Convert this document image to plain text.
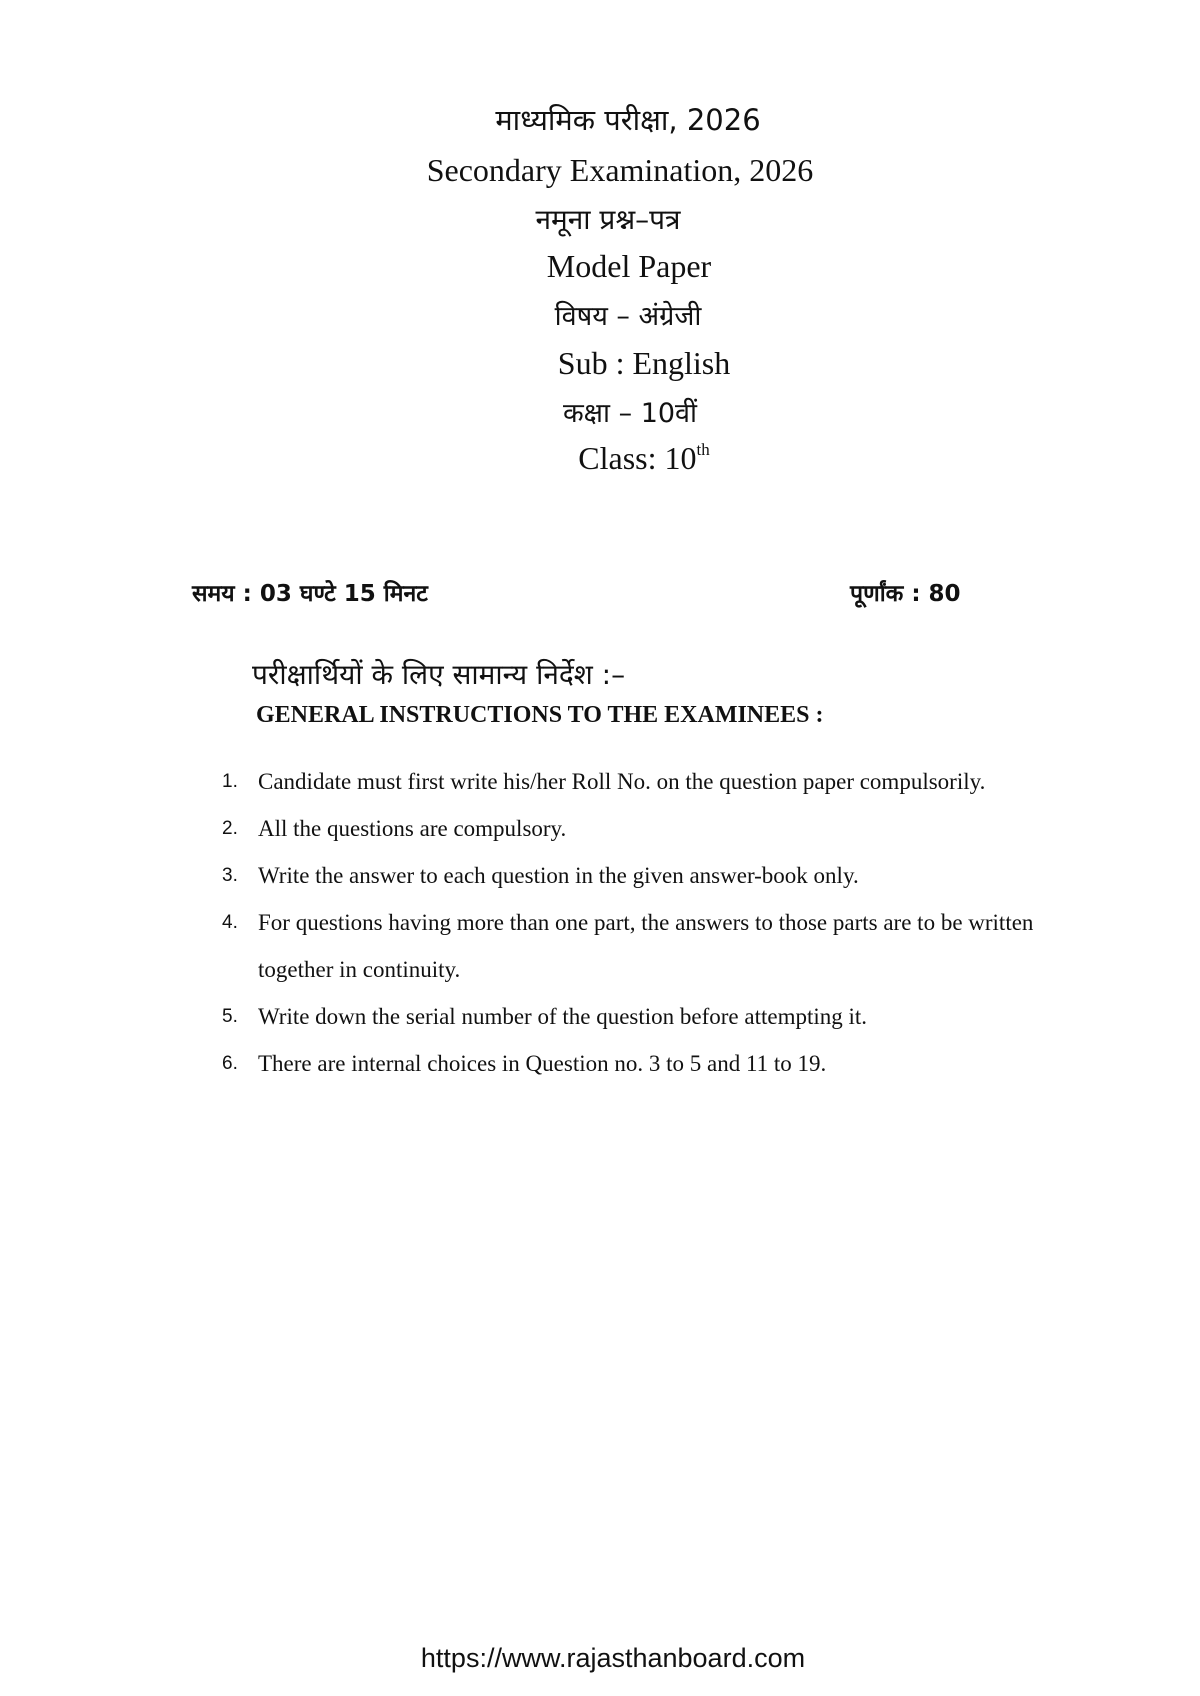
माध्यमिक परीक्षा, 2026
Secondary Examination, 2026
नमूना प्रश्न–पत्र
Model Paper
विषय – अंग्रेजी
Sub : English
कक्षा – 10वीं
Class: 10th
समय : 03 घण्टे 15 मिनट	पूर्णांक : 80
परीक्षार्थियों के लिए सामान्य निर्देश :–
GENERAL INSTRUCTIONS TO THE EXAMINEES :
1. Candidate must first write his/her Roll No. on the question paper compulsorily.
2. All the questions are compulsory.
3. Write the answer to each question in the given answer-book only.
4. For questions having more than one part, the answers to those parts are to be written together in continuity.
5. Write down the serial number of the question before attempting it.
6. There are internal choices in Question no. 3 to 5 and 11 to 19.
https://www.rajasthanboard.com
